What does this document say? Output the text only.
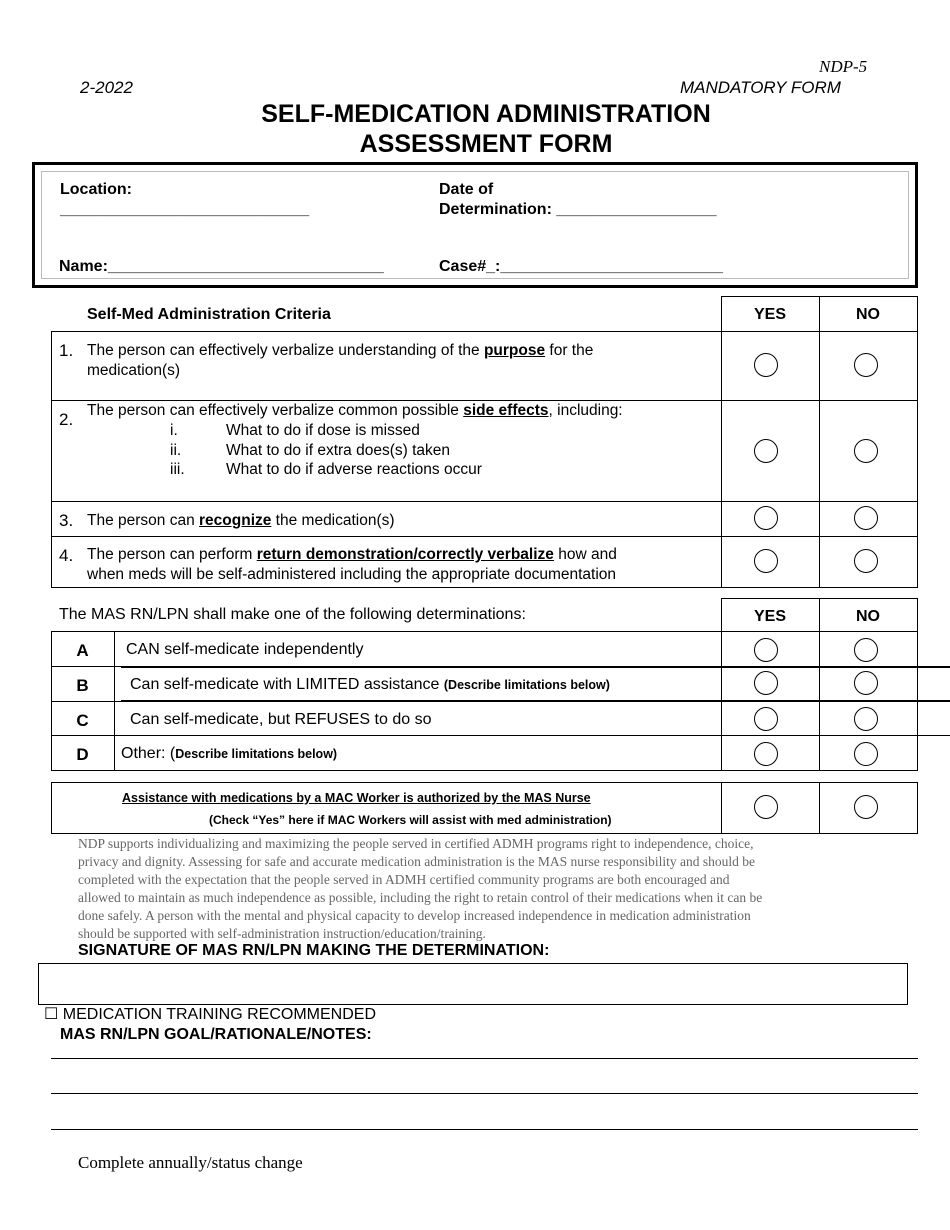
NDP-5
2-2022	MANDATORY FORM
SELF-MEDICATION ADMINISTRATION
ASSESSMENT FORM
Location:
____________________________
Date of
Determination: __________________
Name:_______________________________	Case#_:_________________________
Self-Med Administration Criteria	YES	NO
1. The person can effectively verbalize understanding of the purpose for the
medication(s)
2. The person can effectively verbalize common possible side effects, including:
i.	What to do if dose is missed
ii.	What to do if extra does(s) taken
iii.	What to do if adverse reactions occur
3. The person can recognize the medication(s)
4. The person can perform return demonstration/correctly verbalize how and
when meds will be self-administered including the appropriate documentation
The MAS RN/LPN shall make one of the following determinations:	YES	NO
A	CAN self-medicate independently
B	Can self-medicate with LIMITED assistance (Describe limitations below)
C	Can self-medicate, but REFUSES to do so
D	Other: (Describe limitations below)
Assistance with medications by a MAC Worker is authorized by the MAS Nurse
(Check “Yes” here if MAC Workers will assist with med administration)
NDP supports individualizing and maximizing the people served in certified ADMH programs right to independence, choice,
privacy and dignity. Assessing for safe and accurate medication administration is the MAS nurse responsibility and should be
completed with the expectation that the people served in ADMH certified community programs are both encouraged and
allowed to maintain as much independence as possible, including the right to retain control of their medications when it can be
done safely. A person with the mental and physical capacity to develop increased independence in medication administration
should be supported with self-administration instruction/education/training.
SIGNATURE OF MAS RN/LPN MAKING THE DETERMINATION:
☐ MEDICATION TRAINING RECOMMENDED
MAS RN/LPN GOAL/RATIONALE/NOTES:
Complete annually/status change
